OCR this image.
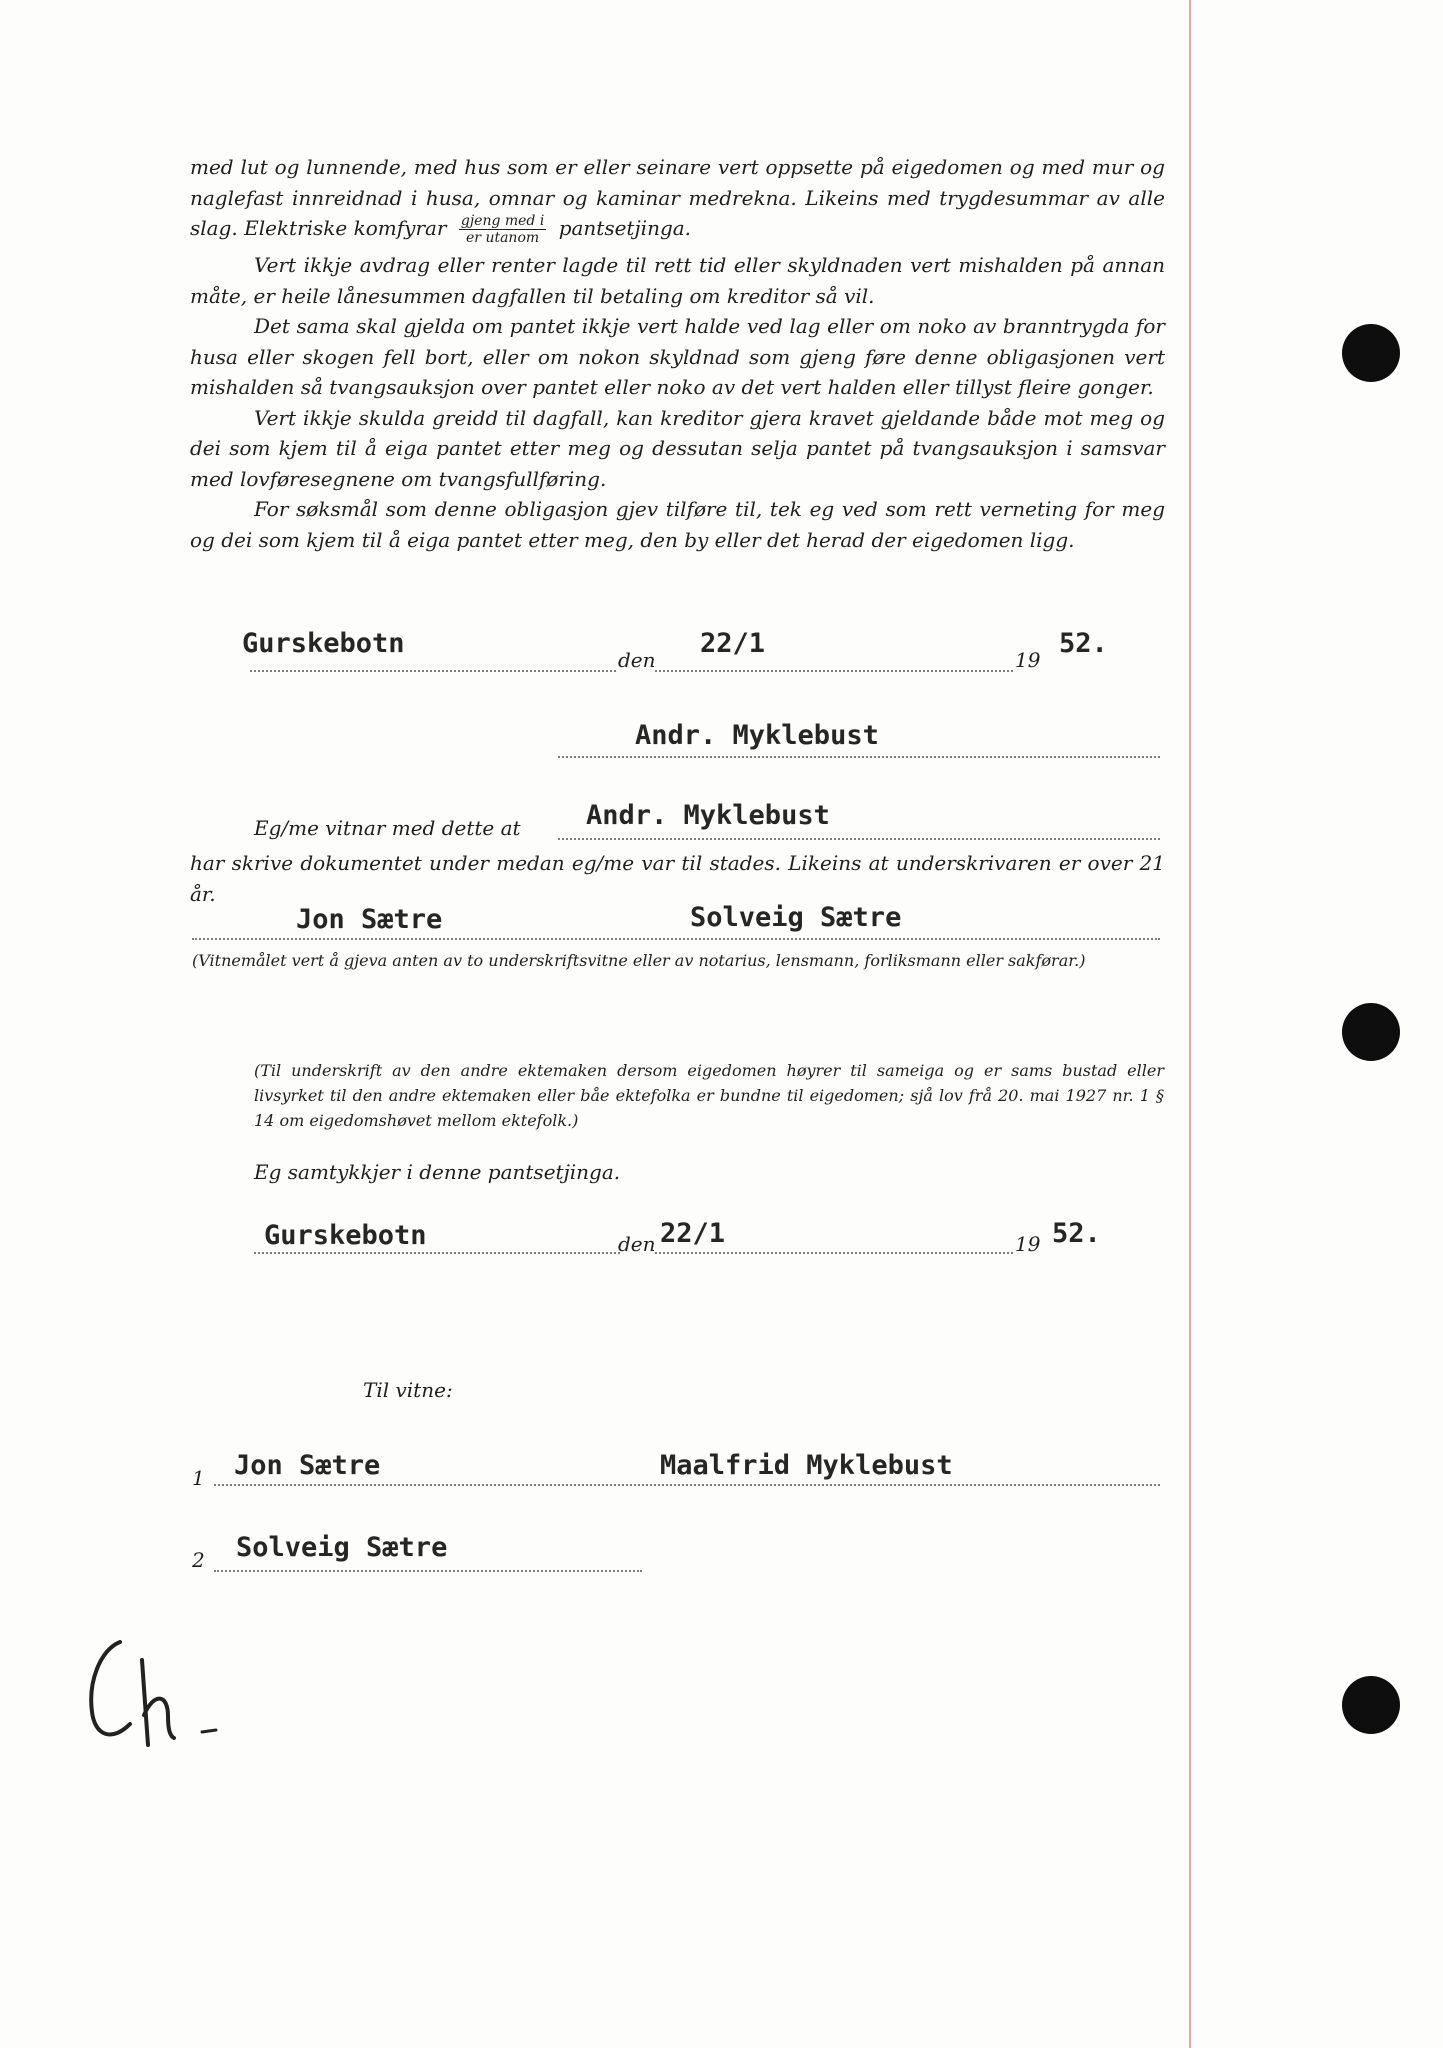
med lut og lunnende, med hus som er eller seinare vert oppsette på eigedomen og med mur og naglefast innreidnad i husa, omnar og kaminar medrekna. Likeins med trygdesummar av alle slag. Elektriske komfyrar $\frac{\text{gjeng med i}}{\text{er utanom}}$ pantsetjinga.

Vert ikkje avdrag eller renter lagde til rett tid eller skyldnaden vert mishalden på annan måte, er heile lånesummen dagfallen til betaling om kreditor så vil.

Det sama skal gjelda om pantet ikkje vert halde ved lag eller om noko av branntrygda for husa eller skogen fell bort, eller om nokon skyldnad som gjeng føre denne obligasjonen vert mishalden så tvangsauksjon over pantet eller noko av det vert halden eller tillyst fleire gonger.

Vert ikkje skulda greidd til dagfall, kan kreditor gjera kravet gjeldande både mot meg og dei som kjem til å eiga pantet etter meg og dessutan selja pantet på tvangsauksjon i samsvar med lovføresegnene om tvangsfullføring.

For søksmål som denne obligasjon gjev tilføre til, tek eg ved som rett verneting for meg og dei som kjem til å eiga pantet etter meg, den by eller det herad der eigedomen ligg.

Gurskebotn
den
22/1
19
52.
Andr. Myklebust
Eg/me vitnar med dette at Andr. Myklebust
har skrive dokumentet under medan eg/me var til stades. Likeins at underskrivaren er over 21 år.
Jon Sætre	Solveig Sætre
(Vitnemålet vert å gjeva anten av to underskriftsvitne eller av notarius, lensmann, forliksmann eller sakførar.)
(Til underskrift av den andre ektemaken dersom eigedomen høyrer til sameiga og er sams bustad eller livsyrket til den andre ektemaken eller båe ektefolka er bundne til eigedomen; sjå lov frå 20. mai 1927 nr. 1 § 14 om eigedomshøvet mellom ektefolk.)
Eg samtykkjer i denne pantsetjinga.
Gurskebotn	den 22/1	19 52.
Til vitne:
1 Jon Sætre	Maalfrid Myklebust
2 Solveig Sætre
